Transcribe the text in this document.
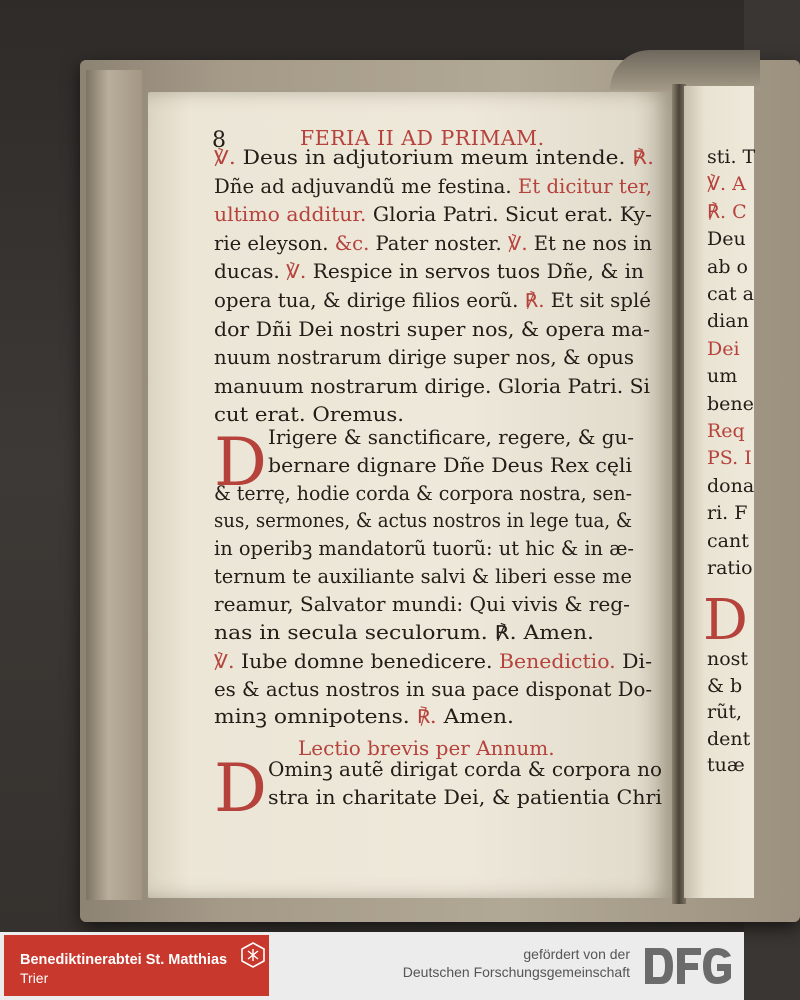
8	FERIA II AD PRIMAM.
℣. Deus in adjutorium meum intende. ℟.
Dñe ad adjuvandũ me festina. Et dicitur ter,
ultimo additur. Gloria Patri. Sicut erat. Ky-
rie eleyson. &c. Pater noster. ℣. Et ne nos in
ducas. ℣. Respice in servos tuos Dñe, & in
opera tua, & dirige filios eorũ. ℟. Et sit splé
dor Dñi Dei nostri super nos, & opera ma-
nuum nostrarum dirige super nos, & opus
manuum nostrarum dirige. Gloria Patri. Si
cut erat. Oremus.
D Irigere & sanctificare, regere, & gu-
bernare dignare Dñe Deus Rex cęli
& terrę, hodie corda & corpora nostra, sen-
sus, sermones, & actus nostros in lege tua, &
in operibꝫ mandatorũ tuorũ: ut hic & in æ-
ternum te auxiliante salvi & liberi esse me
reamur, Salvator mundi: Qui vivis & reg-
nas in secula seculorum. ℟. Amen.
℣. Iube domne benedicere. Benedictio. Di-
es & actus nostros in sua pace disponat Do-
minꝫ omnipotens. ℟. Amen.
Lectio brevis per Annum.
D Ominꝫ autẽ dirigat corda & corpora no
stra in charitate Dei, & patientia Chri
sti. T
℣. A
℟. C
Deu
ab o
cat a
dian
Dei
um
bene
Req
PS. I
dona
ri. F
cant
ratio
nost
& b
rũt,
dent
tuæ
D
Benediktinerabtei St. Matthias
Trier
gefördert von der
Deutschen Forschungsgemeinschaft
